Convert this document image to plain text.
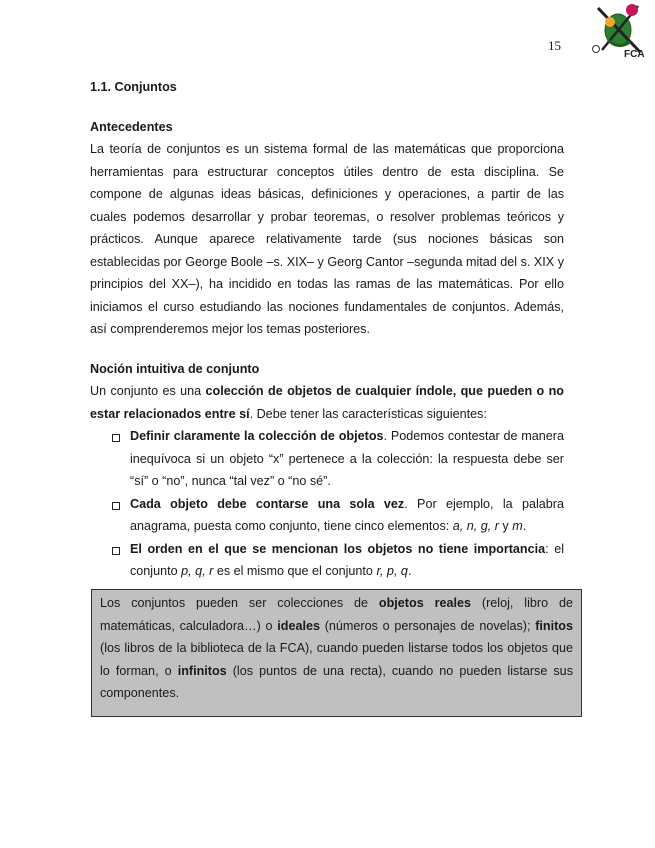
15
FCA
1.1. Conjuntos
Antecedentes

La teoría de conjuntos es un sistema formal de las matemáticas que proporciona herramientas para estructurar conceptos útiles dentro de esta disciplina. Se compone de algunas ideas básicas, definiciones y operaciones, a partir de las cuales podemos desarrollar y probar teoremas, o resolver problemas teóricos y prácticos. Aunque aparece relativamente tarde (sus nociones básicas son establecidas por George Boole –s. XIX– y Georg Cantor –segunda mitad del s. XIX y principios del XX–), ha incidido en todas las ramas de las matemáticas. Por ello iniciamos el curso estudiando las nociones fundamentales de conjuntos. Además, así comprenderemos mejor los temas posteriores.

Noción intuitiva de conjunto

Un conjunto es una colección de objetos de cualquier índole, que pueden o no estar relacionados entre sí. Debe tener las características siguientes:

Definir claramente la colección de objetos. Podemos contestar de manera inequívoca si un objeto “x” pertenece a la colección: la respuesta debe ser “sí” o “no”, nunca “tal vez” o “no sé”.
Cada objeto debe contarse una sola vez. Por ejemplo, la palabra anagrama, puesta como conjunto, tiene cinco elementos: a, n, g, r y m.
El orden en el que se mencionan los objetos no tiene importancia: el conjunto p, q, r es el mismo que el conjunto r, p, q.
Los conjuntos pueden ser colecciones de objetos reales (reloj, libro de matemáticas, calculadora…) o ideales (números o personajes de novelas); finitos (los libros de la biblioteca de la FCA), cuando pueden listarse todos los objetos que lo forman, o infinitos (los puntos de una recta), cuando no pueden listarse sus componentes.
